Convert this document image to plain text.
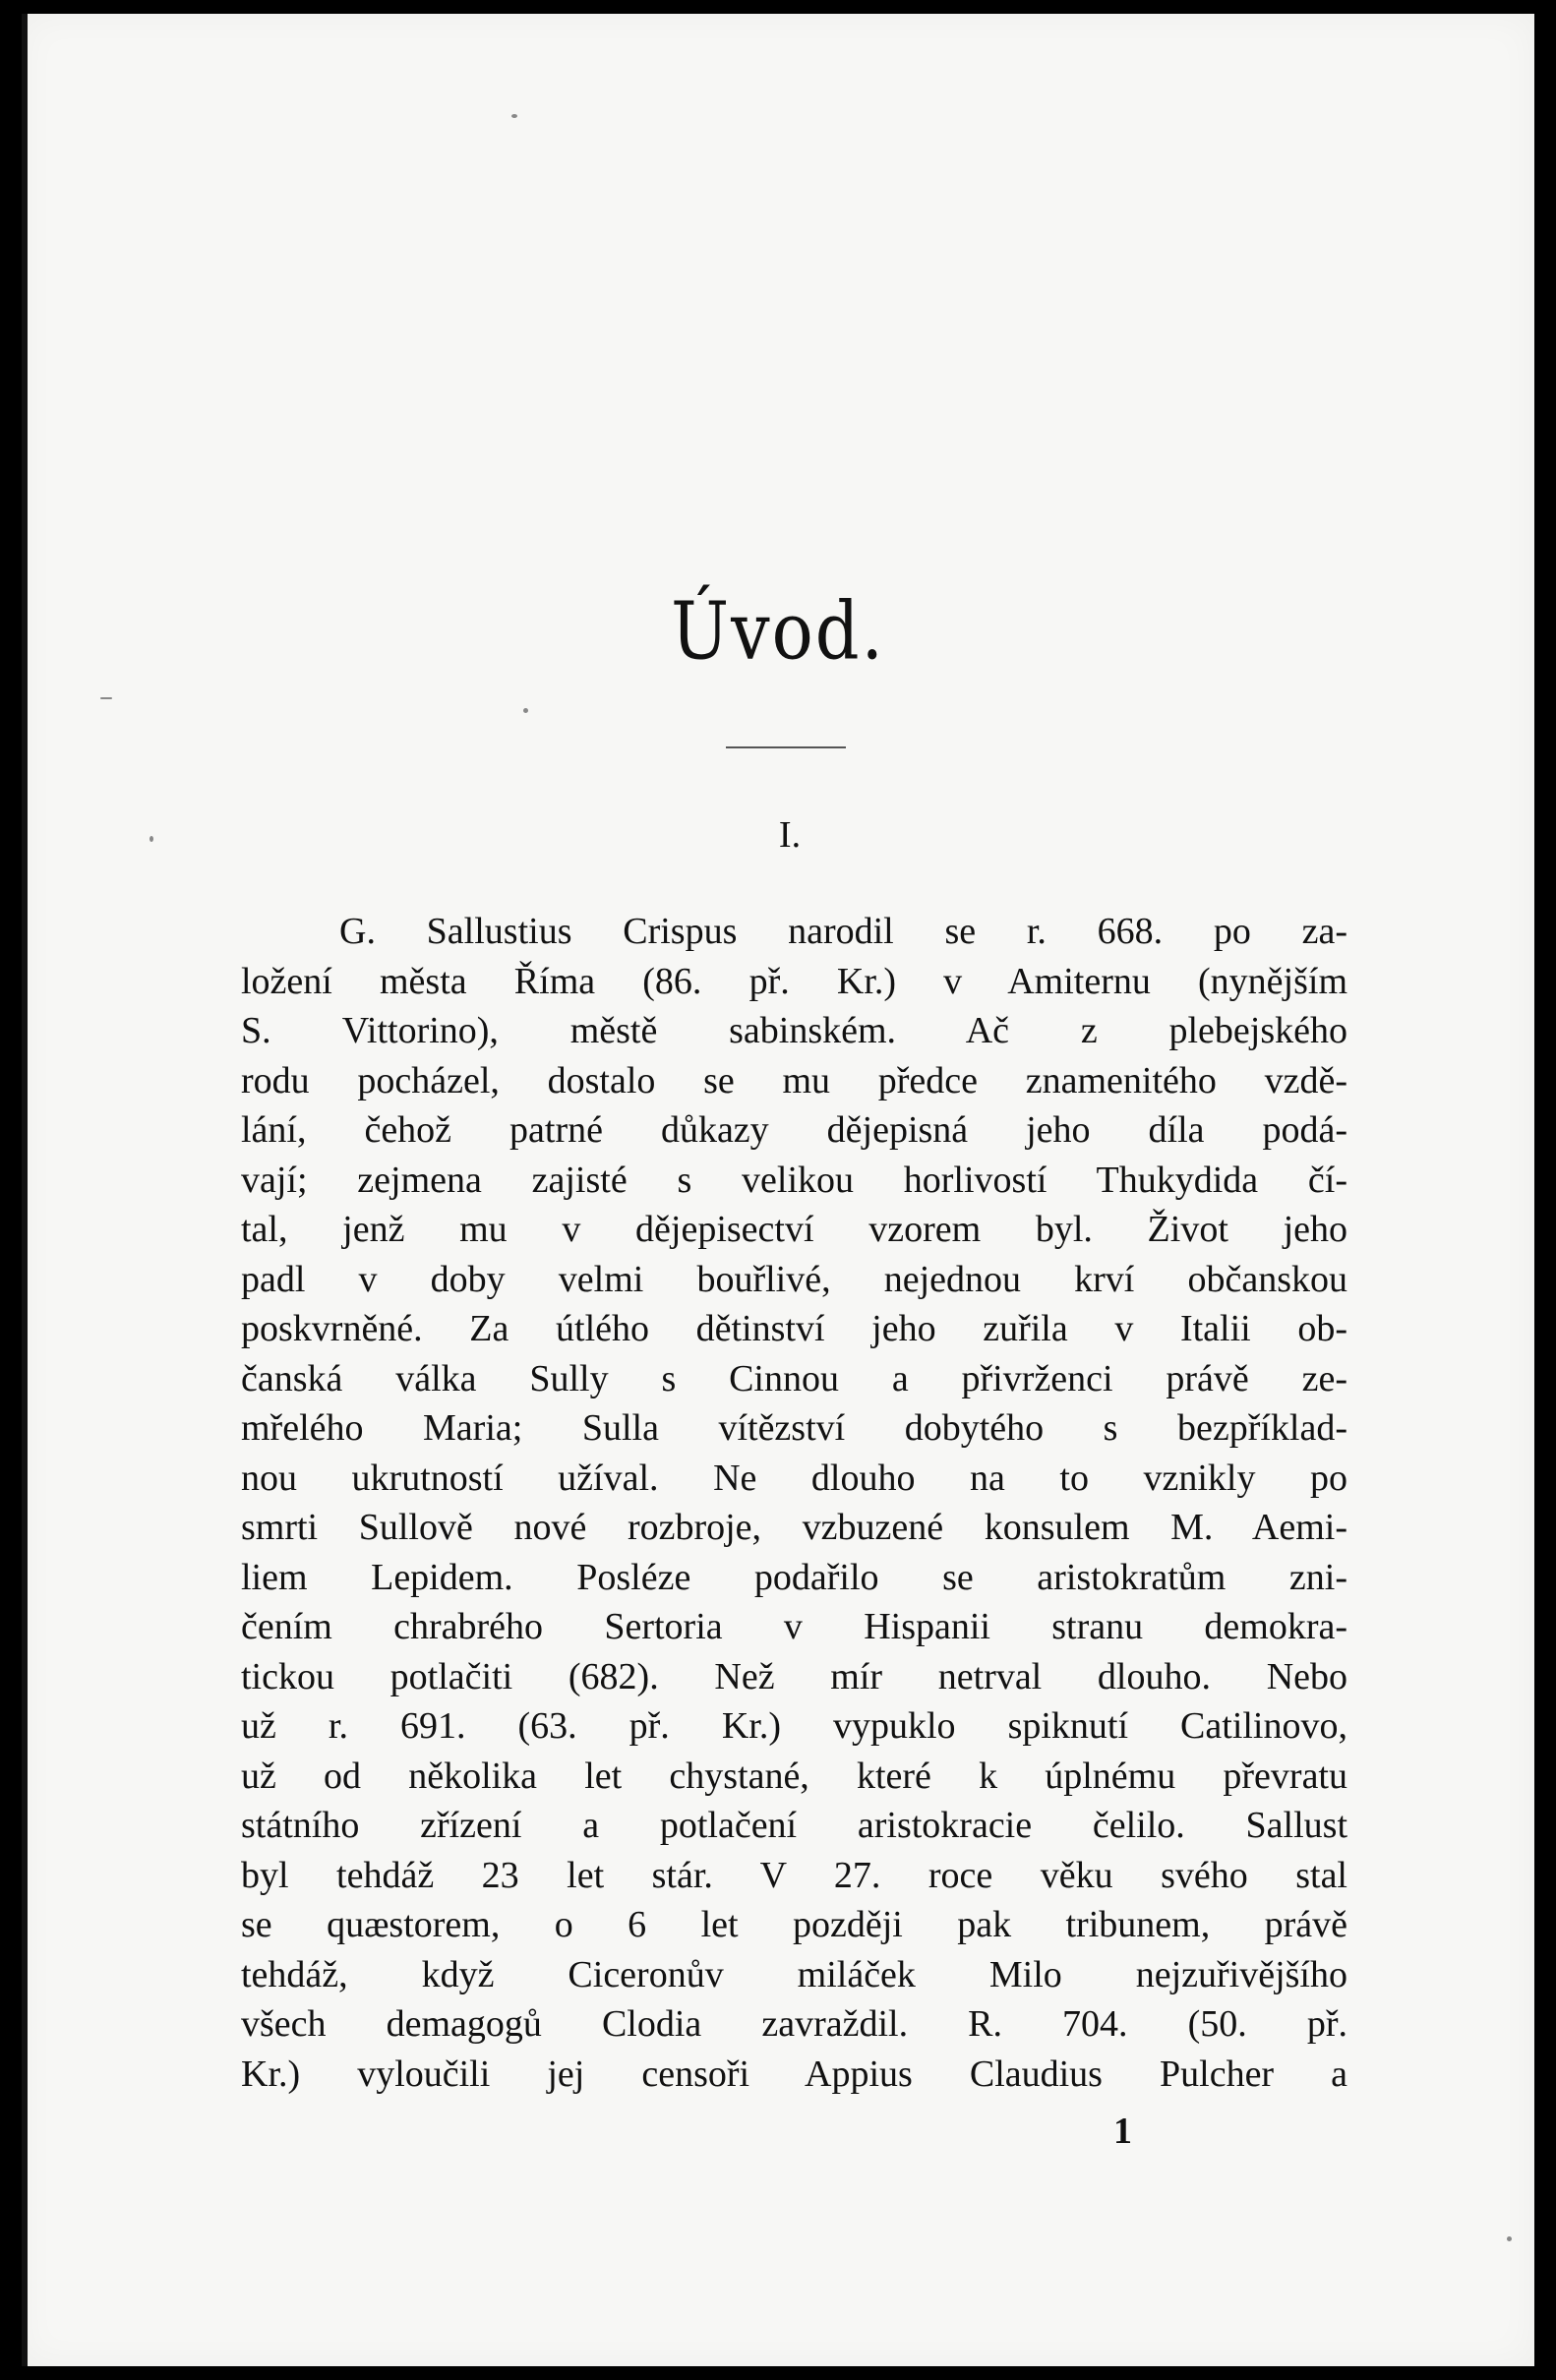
Úvod.
I.
G. Sallustius Crispus narodil se r. 668. po za-
ložení města Říma (86. př. Kr.) v Amiternu (nynějším
S. Vittorino), městě sabinském. Ač z plebejského
rodu pocházel, dostalo se mu předce znamenitého vzdě-
lání, čehož patrné důkazy dějepisná jeho díla podá-
vají; zejmena zajisté s velikou horlivostí Thukydida čí-
tal, jenž mu v dějepisectví vzorem byl. Život jeho
padl v doby velmi bouřlivé, nejednou krví občanskou
poskvrněné. Za útlého dětinství jeho zuřila v Italii ob-
čanská válka Sully s Cinnou a přivrženci právě ze-
mřelého Maria; Sulla vítězství dobytého s bezpříklad-
nou ukrutností užíval. Ne dlouho na to vznikly po
smrti Sullově nové rozbroje, vzbuzené konsulem M. Aemi-
liem Lepidem. Posléze podařilo se aristokratům zni-
čením chrabrého Sertoria v Hispanii stranu demokra-
tickou potlačiti (682). Než mír netrval dlouho. Nebo
už r. 691. (63. př. Kr.) vypuklo spiknutí Catilinovo,
už od několika let chystané, které k úplnému převratu
státního zřízení a potlačení aristokracie čelilo. Sallust
byl tehdáž 23 let stár. V 27. roce věku svého stal
se quæstorem, o 6 let později pak tribunem, právě
tehdáž, když Ciceronův miláček Milo nejzuřivějšího
všech demagogů Clodia zavraždil. R. 704. (50. př.
Kr.) vyloučili jej censoři Appius Claudius Pulcher a
1
